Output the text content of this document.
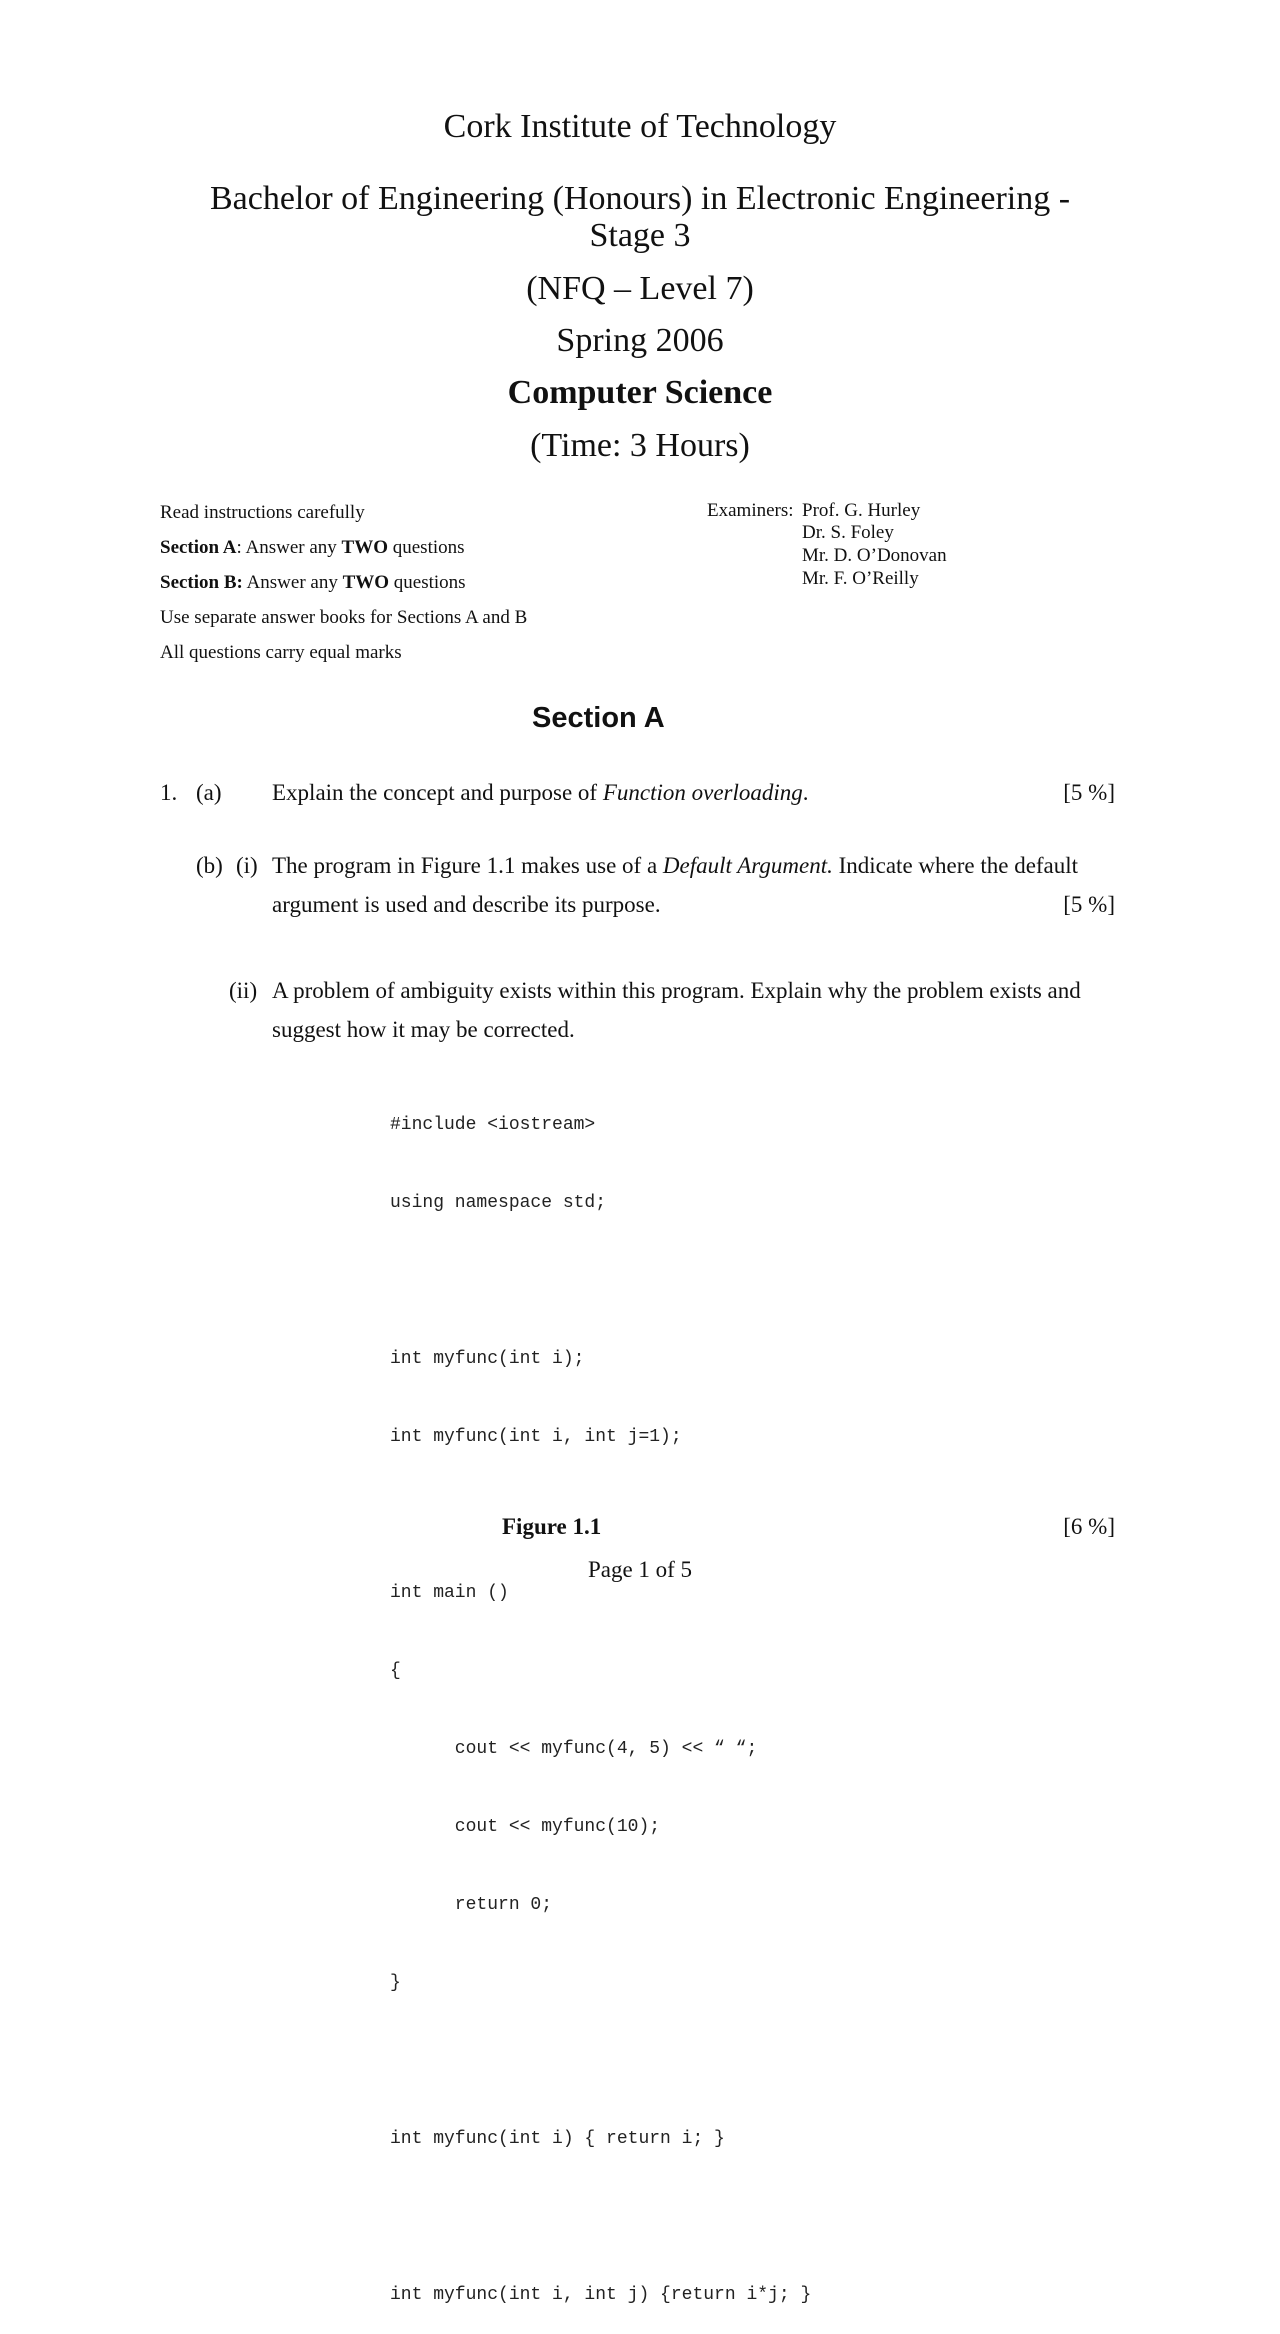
Cork Institute of Technology
Bachelor of Engineering (Honours) in Electronic Engineering -
Stage 3
(NFQ – Level 7)
Spring 2006
Computer Science
(Time: 3 Hours)
Read instructions carefully
Section A: Answer any TWO questions
Section B: Answer any TWO questions
Use separate answer books for Sections A and B
All questions carry equal marks
Examiners: Prof. G. Hurley
Dr. S. Foley
Mr. D. O’Donovan
Mr. F. O’Reilly
Section A
1. (a) Explain the concept and purpose of Function overloading.	[5 %]
(b) (i) The program in Figure 1.1 makes use of a Default Argument. Indicate where the default
argument is used and describe its purpose.	[5 %]
(ii) A problem of ambiguity exists within this program. Explain why the problem exists and
suggest how it may be corrected.

#include <iostream>

using namespace std;

int myfunc(int i);

int myfunc(int i, int j=1);

int main ()

{

cout << myfunc(4, 5) << “ “;

cout << myfunc(10);

return 0;

}

int myfunc(int i) { return i; }

int myfunc(int i, int j) {return i*j; }

Figure 1.1	[6 %]
Page 1 of 5
